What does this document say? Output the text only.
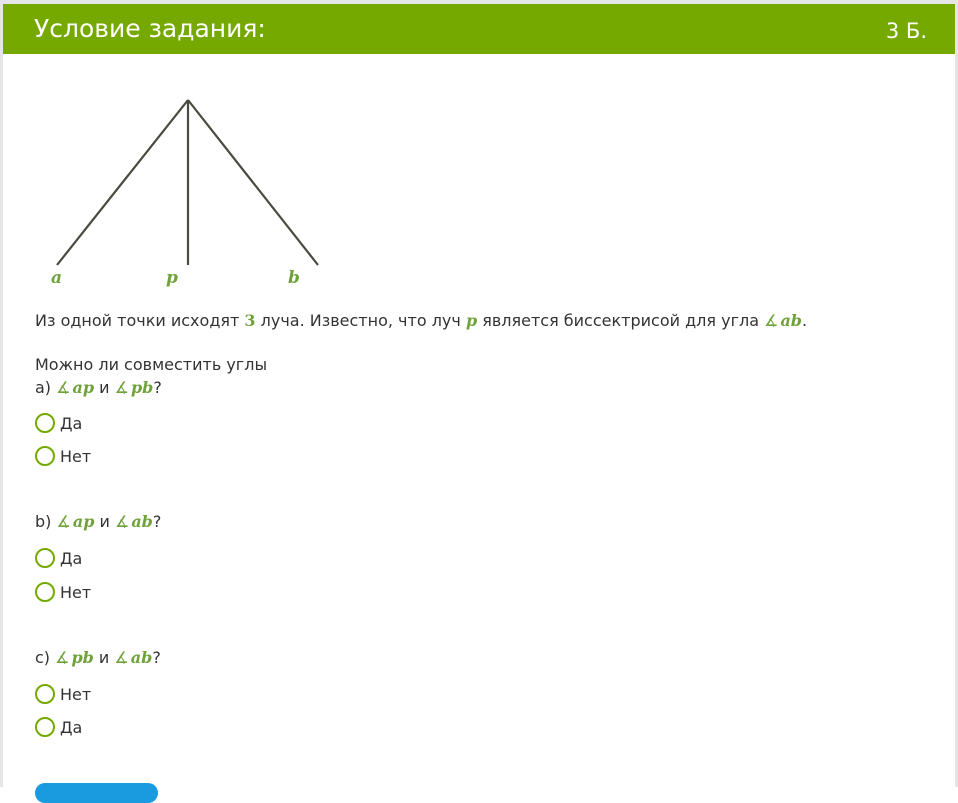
Условие задания:	3 Б.
a	p	b
Из одной точки исходят 3 луча. Известно, что луч p является биссектрисой для угла ∡ ab.
Можно ли совместить углы
a) ∡ ap и ∡ pb?
Да
Нет
b) ∡ ap и ∡ ab?
Да
Нет
c) ∡ pb и ∡ ab?
Нет
Да
